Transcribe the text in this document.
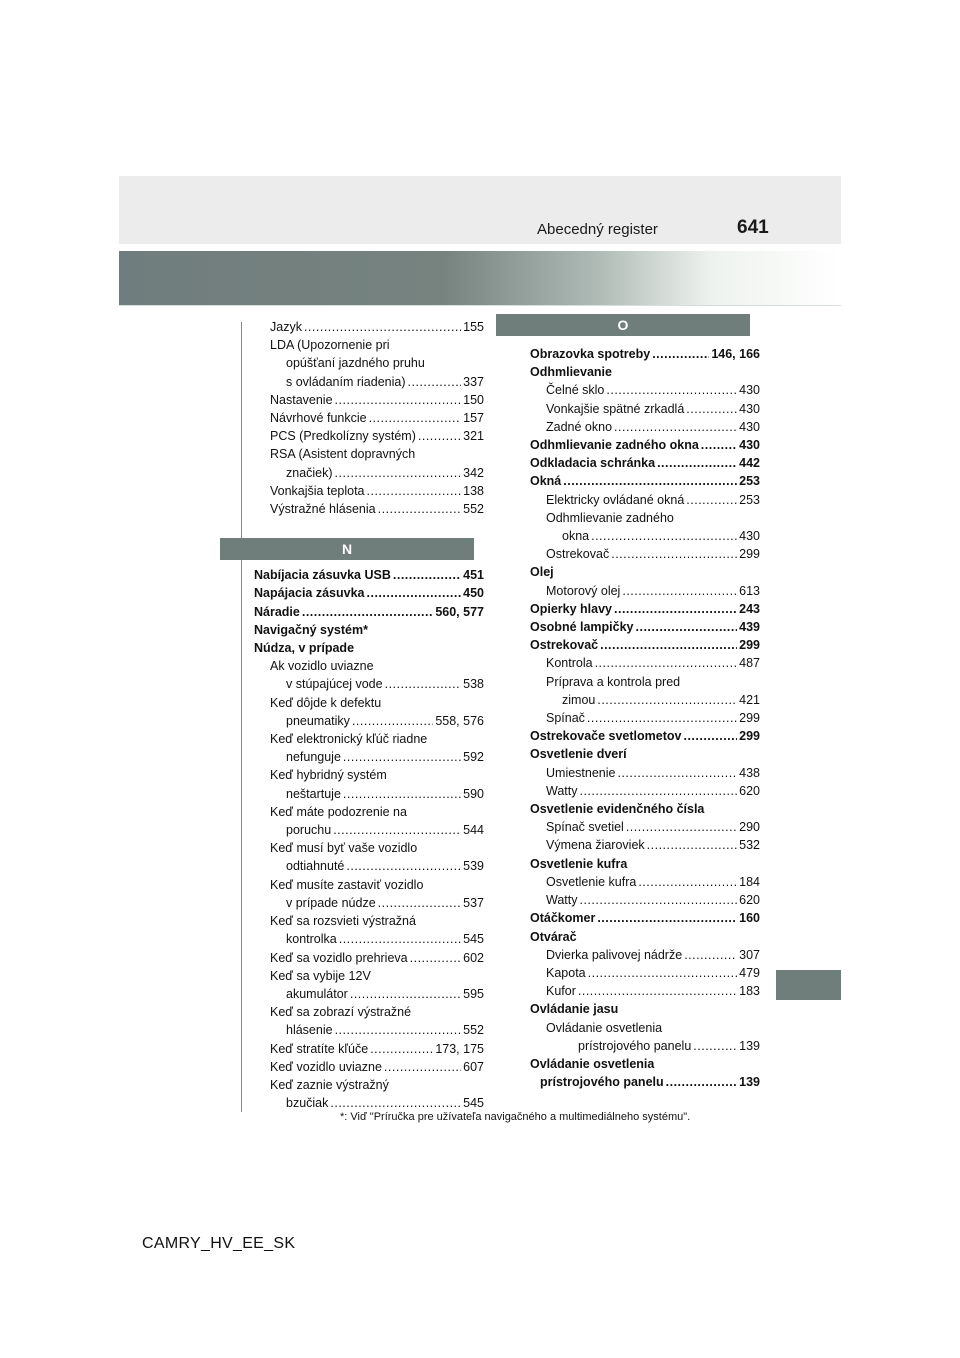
Abecedný register	641
Jazyk .....	155
LDA (Upozornenie pri
opúšťaní jazdného pruhu
s ovládaním riadenia) .....	337
Nastavenie .....	150
Návrhové funkcie .....	157
PCS (Predkolízny systém) .....	321
RSA (Asistent dopravných
značiek) .....	342
Vonkajšia teplota .....	138
Výstražné hlásenia .....	552
N
Nabíjacia zásuvka USB .....	451
Napájacia zásuvka .....	450
Náradie .....	560, 577
Navigačný systém*
Núdza, v prípade
Ak vozidlo uviazne
v stúpajúcej vode .....	538
Keď dôjde k defektu
pneumatiky .....	558, 576
Keď elektronický kľúč riadne
nefunguje .....	592
Keď hybridný systém
neštartuje .....	590
Keď máte podozrenie na
poruchu .....	544
Keď musí byť vaše vozidlo
odtiahnuté .....	539
Keď musíte zastaviť vozidlo
v prípade núdze .....	537
Keď sa rozsvieti výstražná
kontrolka .....	545
Keď sa vozidlo prehrieva .....	602
Keď sa vybije 12V
akumulátor .....	595
Keď sa zobrazí výstražné
hlásenie .....	552
Keď stratíte kľúče .....	173, 175
Keď vozidlo uviazne .....	607
Keď zaznie výstražný
bzučiak .....	545
O
Obrazovka spotreby .....	146, 166
Odhmlievanie
Čelné sklo .....	430
Vonkajšie spätné zrkadlá .....	430
Zadné okno .....	430
Odhmlievanie zadného okna .....	430
Odkladacia schránka .....	442
Okná .....	253
Elektricky ovládané okná .....	253
Odhmlievanie zadného
okna .....	430
Ostrekovač .....	299
Olej
Motorový olej .....	613
Opierky hlavy .....	243
Osobné lampičky .....	439
Ostrekovač .....	299
Kontrola .....	487
Príprava a kontrola pred
zimou .....	421
Spínač .....	299
Ostrekovače svetlometov .....	299
Osvetlenie dverí
Umiestnenie .....	438
Watty .....	620
Osvetlenie evidenčného čísla
Spínač svetiel .....	290
Výmena žiaroviek .....	532
Osvetlenie kufra
Osvetlenie kufra .....	184
Watty .....	620
Otáčkomer .....	160
Otvárač
Dvierka palivovej nádrže .....	307
Kapota .....	479
Kufor .....	183
Ovládanie jasu
Ovládanie osvetlenia
prístrojového panelu .....	139
Ovládanie osvetlenia
prístrojového panelu .....	139
*: Viď "Príručka pre užívateľa navigačného a multimediálneho systému".
CAMRY_HV_EE_SK
